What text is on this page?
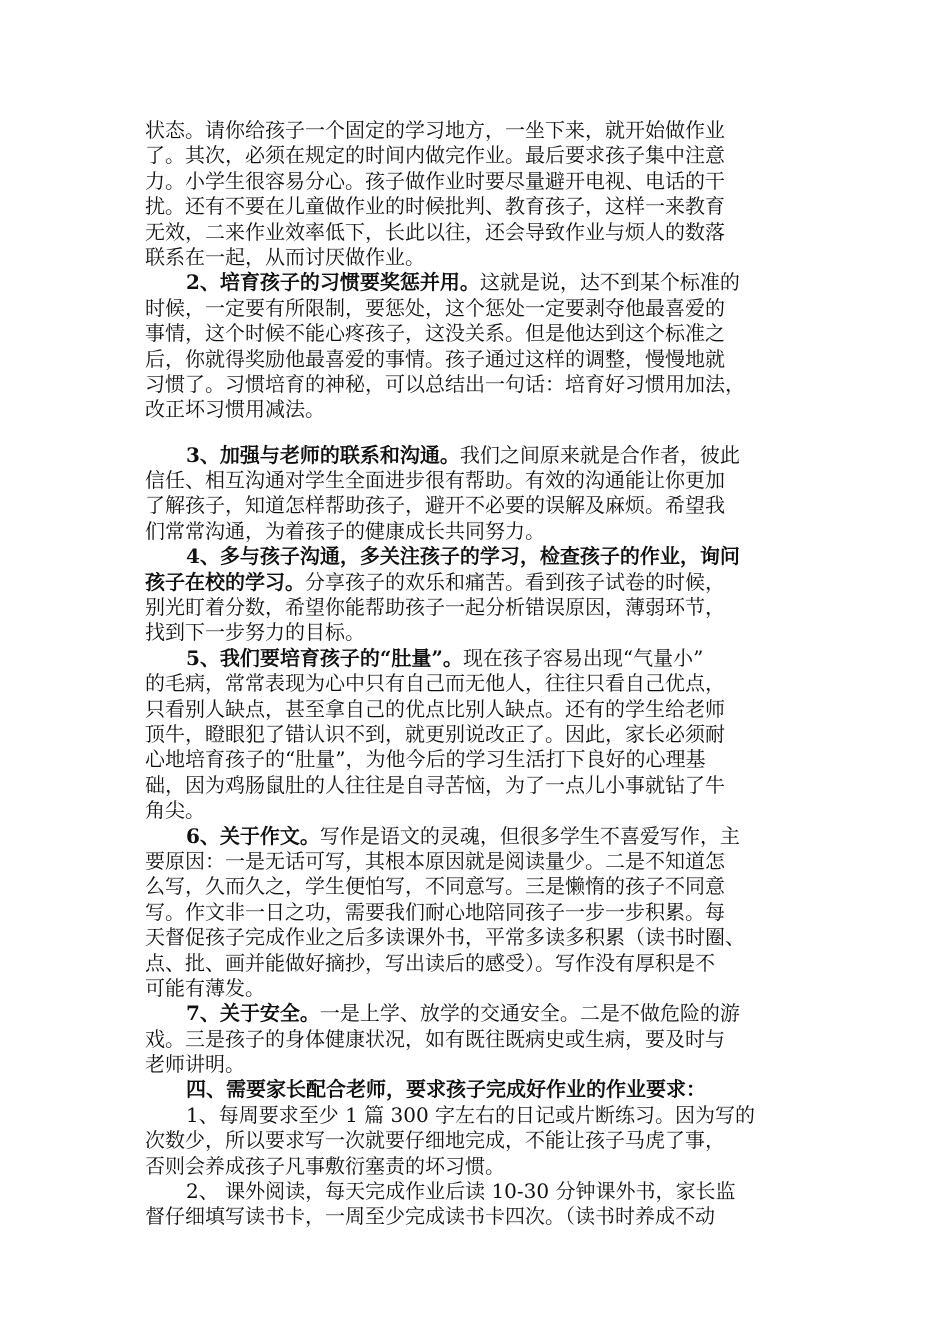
状态。请你给孩子一个固定的学习地方，一坐下来，就开始做作业
了。其次，必须在规定的时间内做完作业。最后要求孩子集中注意
力。小学生很容易分心。孩子做作业时要尽量避开电视、电话的干
扰。还有不要在儿童做作业的时候批判、教育孩子，这样一来教育
无效，二来作业效率低下，长此以往，还会导致作业与烦人的数落
联系在一起，从而讨厌做作业。
2、培育孩子的习惯要奖惩并用。这就是说，达不到某个标准的
时候，一定要有所限制，要惩处，这个惩处一定要剥夺他最喜爱的
事情，这个时候不能心疼孩子，这没关系。但是他达到这个标准之
后，你就得奖励他最喜爱的事情。孩子通过这样的调整，慢慢地就
习惯了。习惯培育的神秘，可以总结出一句话：培育好习惯用加法，
改正坏习惯用减法。
3、加强与老师的联系和沟通。我们之间原来就是合作者，彼此
信任、相互沟通对学生全面进步很有帮助。有效的沟通能让你更加
了解孩子，知道怎样帮助孩子，避开不必要的误解及麻烦。希望我
们常常沟通，为着孩子的健康成长共同努力。
4、多与孩子沟通，多关注孩子的学习，检查孩子的作业，询问
孩子在校的学习。分享孩子的欢乐和痛苦。看到孩子试卷的时候，
别光盯着分数，希望你能帮助孩子一起分析错误原因，薄弱环节，
找到下一步努力的目标。
5、我们要培育孩子的“肚量”。现在孩子容易出现“气量小”
的毛病，常常表现为心中只有自己而无他人，往往只看自己优点，
只看别人缺点，甚至拿自己的优点比别人缺点。还有的学生给老师
顶牛，瞪眼犯了错认识不到，就更别说改正了。因此，家长必须耐
心地培育孩子的“肚量”，为他今后的学习生活打下良好的心理基
础，因为鸡肠鼠肚的人往往是自寻苦恼，为了一点儿小事就钻了牛
角尖。
6、关于作文。写作是语文的灵魂，但很多学生不喜爱写作，主
要原因：一是无话可写，其根本原因就是阅读量少。二是不知道怎
么写，久而久之，学生便怕写，不同意写。三是懒惰的孩子不同意
写。作文非一日之功，需要我们耐心地陪同孩子一步一步积累。每
天督促孩子完成作业之后多读课外书，平常多读多积累（读书时圈、
点、批、画并能做好摘抄，写出读后的感受）。写作没有厚积是不
可能有薄发。
7、关于安全。一是上学、放学的交通安全。二是不做危险的游
戏。三是孩子的身体健康状况，如有既往既病史或生病，要及时与
老师讲明。
四、需要家长配合老师，要求孩子完成好作业的作业要求：
1、每周要求至少 1 篇 300 字左右的日记或片断练习。因为写的
次数少，所以要求写一次就要仔细地完成，不能让孩子马虎了事，
否则会养成孩子凡事敷衍塞责的坏习惯。
2、 课外阅读，每天完成作业后读 10-30 分钟课外书，家长监
督仔细填写读书卡，一周至少完成读书卡四次。（读书时养成不动
